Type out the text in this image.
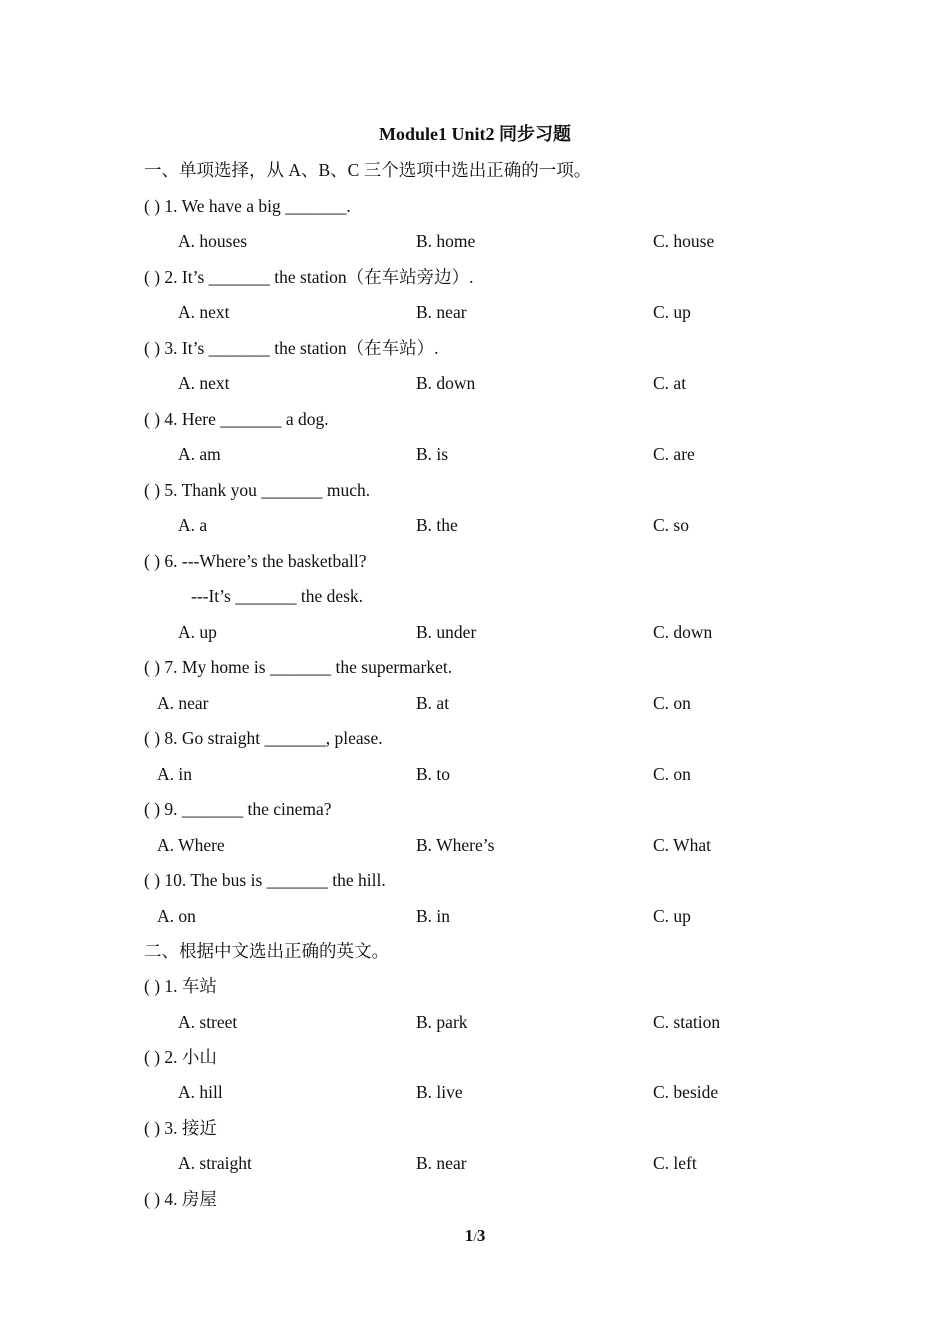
Module1 Unit2 同步习题
一、单项选择，从 A、B、C 三个选项中选出正确的一项。
( ) 1. We have a big _______.
A. houses	B. home	C. house
( ) 2. It’s _______ the station（在车站旁边）.
A. next	B. near	C. up
( ) 3. It’s _______ the station（在车站）.
A. next	B. down	C. at
( ) 4. Here _______ a dog.
A. am	B. is	C. are
( ) 5. Thank you _______ much.
A. a	B. the	C. so
( ) 6. ---Where’s the basketball?
---It’s _______ the desk.
A. up	B. under	C. down
( ) 7. My home is _______ the supermarket.
A. near	B. at	C. on
( ) 8. Go straight _______, please.
A. in	B. to	C. on
( ) 9. _______ the cinema?
A. Where	B. Where’s	C. What
( ) 10. The bus is _______ the hill.
A. on	B. in	C. up
二、根据中文选出正确的英文。
( ) 1. 车站
A. street	B. park	C. station
( ) 2. 小山
A. hill	B. live	C. beside
( ) 3. 接近
A. straight	B. near	C. left
( ) 4. 房屋
1/3
